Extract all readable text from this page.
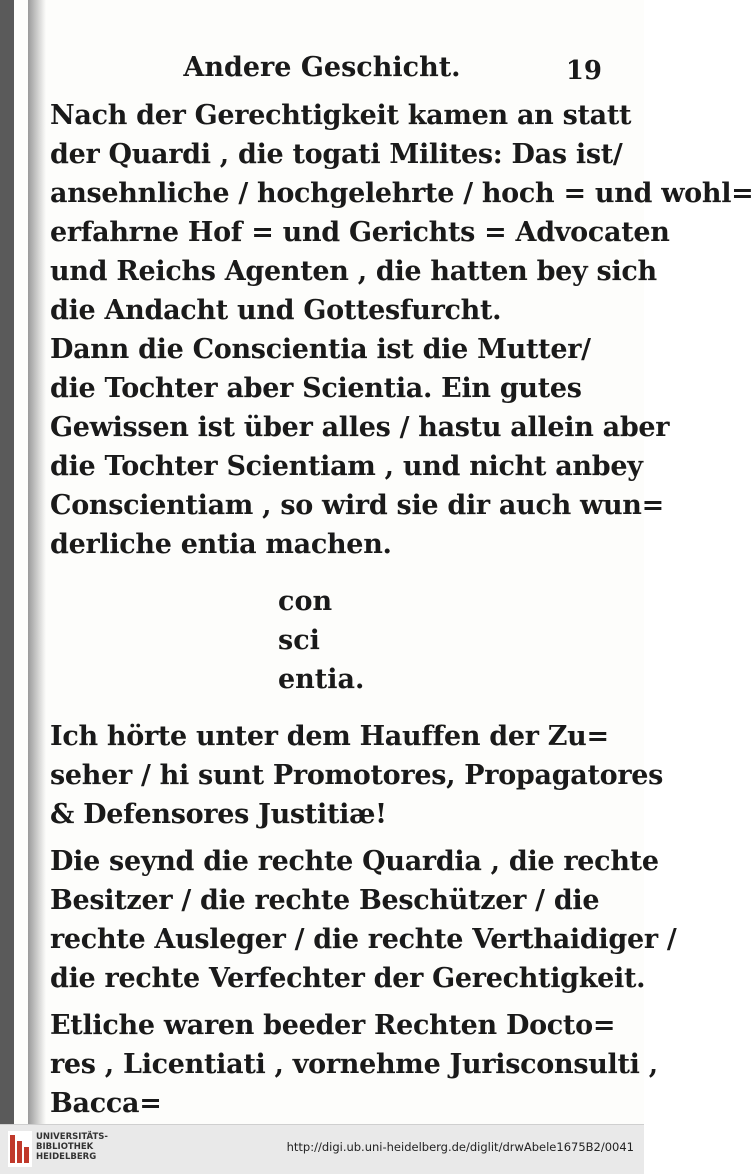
Andere Geschicht.	19
Nach der Gerechtigkeit kamen an statt
der Quardi , die togati Milites: Das ist/
ansehnliche / hochgelehrte / hoch = und wohl=
erfahrne Hof = und Gerichts = Advocaten
und Reichs Agenten , die hatten bey sich
die Andacht und Gottesfurcht.
Dann die Conscientia ist die Mutter/
die Tochter aber Scientia. Ein gutes
Gewissen ist über alles / hastu allein aber
die Tochter Scientiam , und nicht anbey
Conscientiam , so wird sie dir auch wun=
derliche entia machen.
con
sci
entia.
Ich hörte unter dem Hauffen der Zu=
seher / hi sunt Promotores, Propagatores
& Defensores Justitiæ!
Die seynd die rechte Quardia , die rechte
Besitzer / die rechte Beschützer / die
rechte Ausleger / die rechte Verthaidiger /
die rechte Verfechter der Gerechtigkeit.
Etliche waren beeder Rechten Docto=
res , Licentiati , vornehme Jurisconsulti ,
Bacca=
UNIVERSITÄTS-
BIBLIOTHEK
HEIDELBERG
http://digi.ub.uni-heidelberg.de/diglit/drwAbele1675B2/0041
